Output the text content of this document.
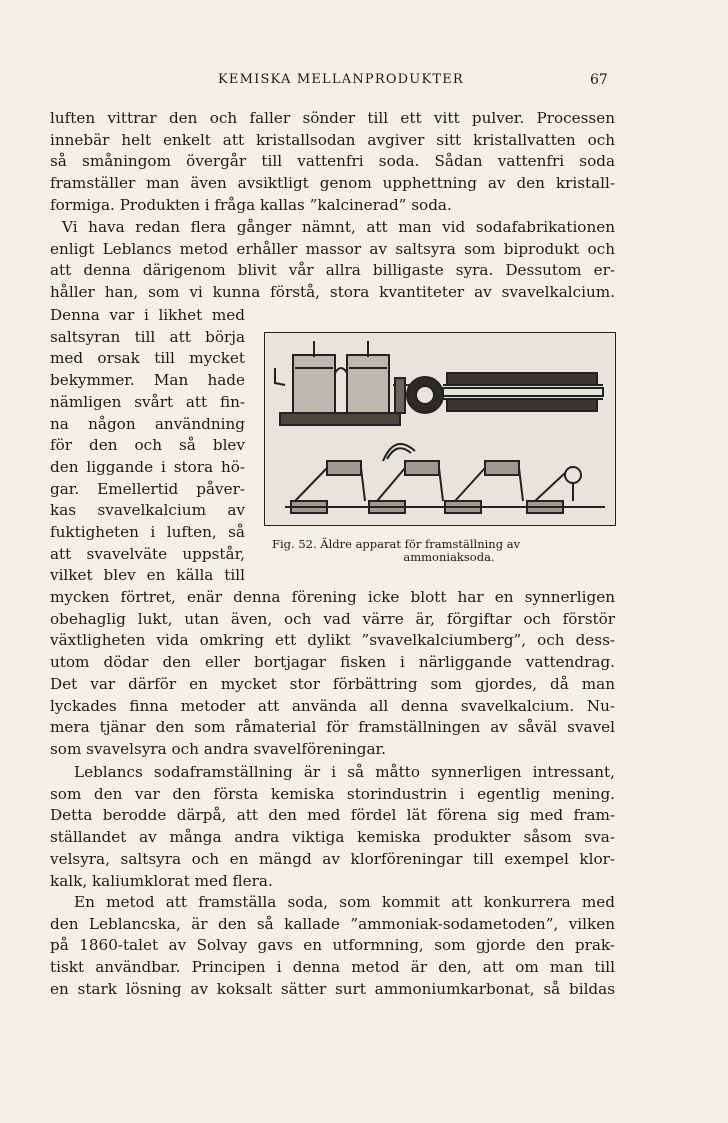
KEMISKA MELLANPRODUKTER	67
luften vittrar den och faller sönder till ett vitt pulver. Processen
innebär helt enkelt att kristallsodan avgiver sitt kristallvatten och
så småningom övergår till vattenfri soda. Sådan vattenfri soda
framställer man även avsiktligt genom upphettning av den kristall-
formiga. Produkten i fråga kallas ”kalcinerad” soda.
Vi hava redan flera gånger nämnt, att man vid sodafabrikationen
enligt Leblancs metod erhåller massor av saltsyra som biprodukt och
att denna därigenom blivit vår allra billigaste syra. Dessutom er-
håller han, som vi kunna förstå, stora kvantiteter av svavelkalcium.
Denna var i likhet med
saltsyran till att börja
med orsak till mycket
bekymmer. Man hade
nämligen svårt att fin-
na någon användning
för den och så blev
den liggande i stora hö-
gar. Emellertid påver-
kas svavelkalcium av
fuktigheten i luften, så
att svavelväte uppstår,
vilket blev en källa till
Fig. 52. Äldre apparat för framställning av
ammoniaksoda.
mycken förtret, enär denna förening icke blott har en synnerligen
obehaglig lukt, utan även, och vad värre är, förgiftar och förstör
växtligheten vida omkring ett dylikt ”svavelkalciumberg”, och dess-
utom dödar den eller bortjagar fisken i närliggande vattendrag.
Det var därför en mycket stor förbättring som gjordes, då man
lyckades finna metoder att använda all denna svavelkalcium. Nu-
mera tjänar den som råmaterial för framställningen av såväl svavel
som svavelsyra och andra svavelföreningar.
Leblancs sodaframställning är i så måtto synnerligen intressant,
som den var den första kemiska storindustrin i egentlig mening.
Detta berodde därpå, att den med fördel lät förena sig med fram-
ställandet av många andra viktiga kemiska produkter såsom sva-
velsyra, saltsyra och en mängd av klorföreningar till exempel klor-
kalk, kaliumklorat med flera.
En metod att framställa soda, som kommit att konkurrera med
den Leblancska, är den så kallade ”ammoniak-sodametoden”, vilken
på 1860-talet av Solvay gavs en utformning, som gjorde den prak-
tiskt användbar. Principen i denna metod är den, att om man till
en stark lösning av koksalt sätter surt ammoniumkarbonat, så bildas
